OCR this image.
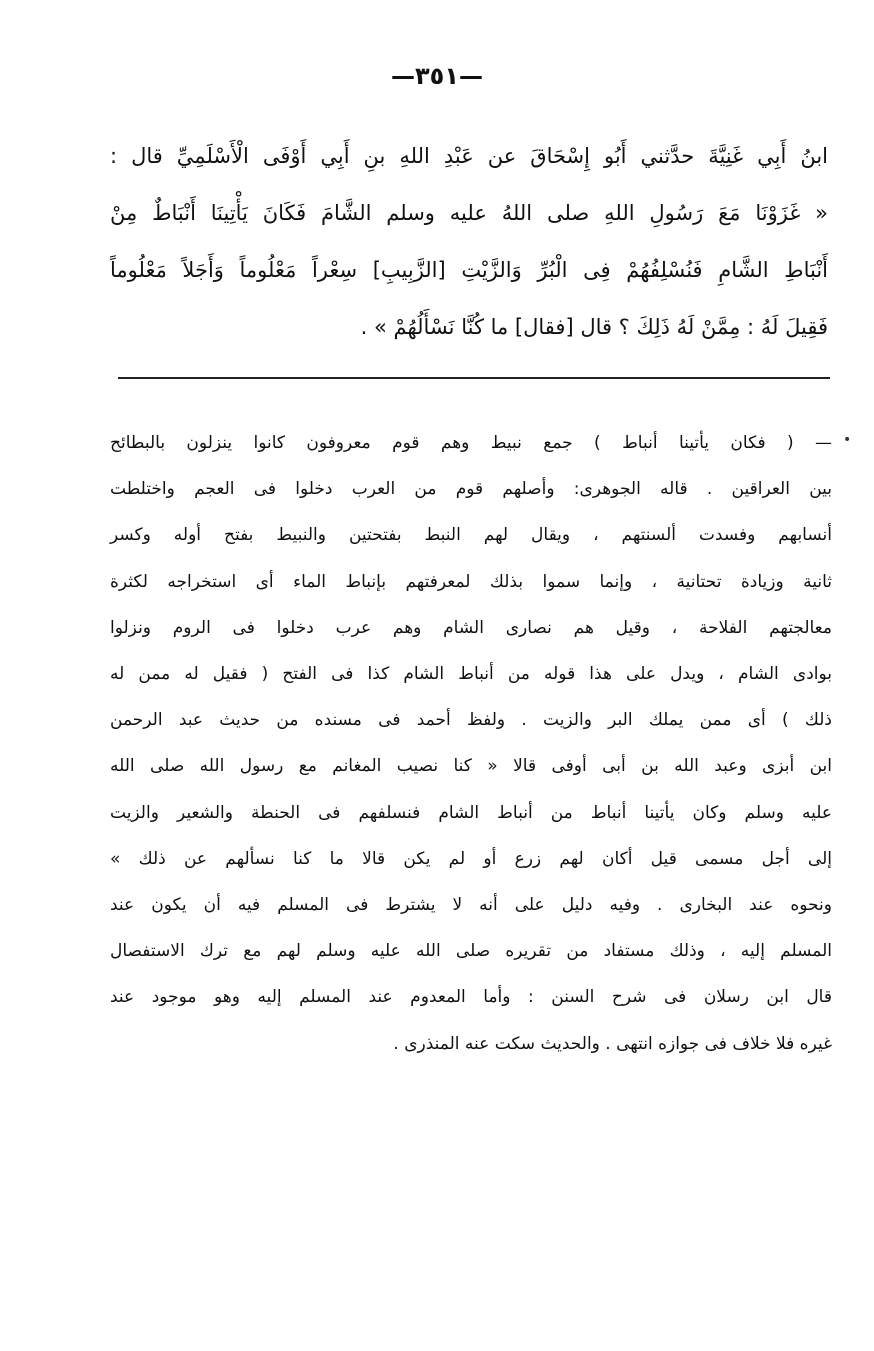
—٣٥١—
ابنُ أَبِي غَنِيَّةَ حدَّثني أَبُو إِسْحَاقَ عن عَبْدِ اللهِ بنِ أَبِي أَوْفَى الْأَسْلَمِيِّ قال :
« غَزَوْنَا مَعَ رَسُولِ اللهِ صلى اللهُ عليه وسلم الشَّامَ فَكَانَ يَأْتِينَا أَنْبَاطٌ مِنْ
أَنْبَاطِ الشَّامِ فَنُسْلِفُهُمْ فِى الْبُرِّ وَالزَّيْتِ [الزَّبِيبِ] سِعْراً مَعْلُوماً وَأَجَلاً مَعْلُوماً
فَقِيلَ لَهُ : مِمَّنْ لَهُ ذَلِكَ ؟ قال [فقال] ما كُنَّا نَسْأَلُهُمْ » .
•
— ( فكان يأتينا أنباط ) جمع نبيط وهم قوم معروفون كانوا ينزلون بالبطائح
بين العراقين . قاله الجوهرى: وأصلهم قوم من العرب دخلوا فى العجم واختلطت
أنسابهم وفسدت ألسنتهم ، ويقال لهم النبط بفتحتين والنبيط بفتح أوله وكسر
ثانية وزيادة تحتانية ، وإنما سموا بذلك لمعرفتهم بإنباط الماء أى استخراجه لكثرة
معالجتهم الفلاحة ، وقيل هم نصارى الشام وهم عرب دخلوا فى الروم ونزلوا
بوادى الشام ، ويدل على هذا قوله من أنباط الشام كذا فى الفتح ( فقيل له ممن له
ذلك ) أى ممن يملك البر والزيت . ولفظ أحمد فى مسنده من حديث عبد الرحمن
ابن أبزى وعبد الله بن أبى أوفى قالا « كنا نصيب المغانم مع رسول الله صلى الله
عليه وسلم وكان يأتينا أنباط من أنباط الشام فنسلفهم فى الحنطة والشعير والزيت
إلى أجل مسمى قيل أكان لهم زرع أو لم يكن قالا ما كنا نسألهم عن ذلك »
ونحوه عند البخارى . وفيه دليل على أنه لا يشترط فى المسلم فيه أن يكون عند
المسلم إليه ، وذلك مستفاد من تقريره صلى الله عليه وسلم لهم مع ترك الاستفصال
قال ابن رسلان فى شرح السنن : وأما المعدوم عند المسلم إليه وهو موجود عند
غيره فلا خلاف فى جوازه انتهى . والحديث سكت عنه المنذرى .
